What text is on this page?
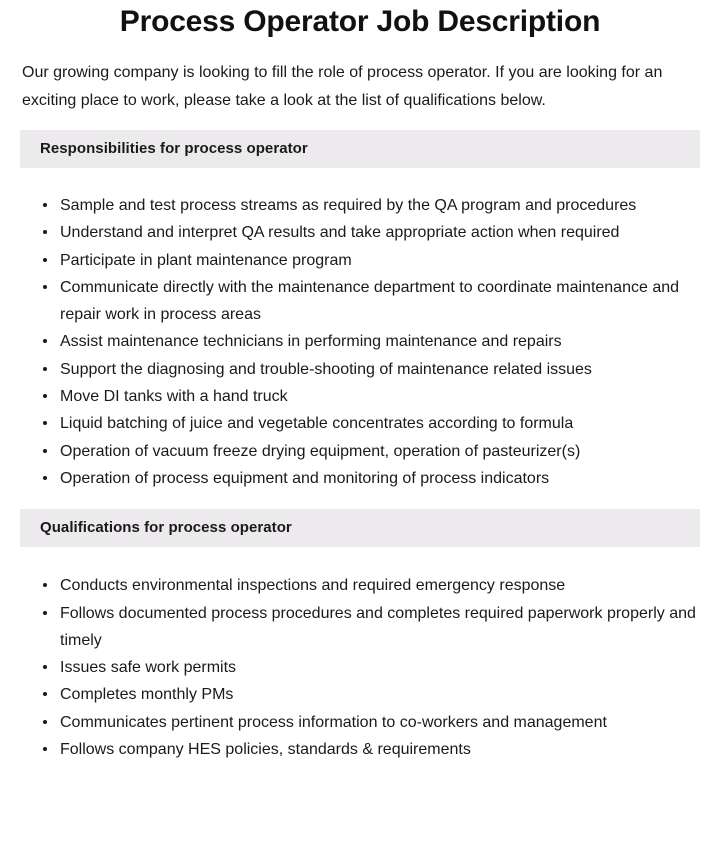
Process Operator Job Description

Our growing company is looking to fill the role of process operator. If you are looking for an exciting place to work, please take a look at the list of qualifications below.

Responsibilities for process operator
Sample and test process streams as required by the QA program and procedures
Understand and interpret QA results and take appropriate action when required
Participate in plant maintenance program
Communicate directly with the maintenance department to coordinate maintenance and repair work in process areas
Assist maintenance technicians in performing maintenance and repairs
Support the diagnosing and trouble-shooting of maintenance related issues
Move DI tanks with a hand truck
Liquid batching of juice and vegetable concentrates according to formula
Operation of vacuum freeze drying equipment, operation of pasteurizer(s)
Operation of process equipment and monitoring of process indicators
Qualifications for process operator
Conducts environmental inspections and required emergency response
Follows documented process procedures and completes required paperwork properly and timely
Issues safe work permits
Completes monthly PMs
Communicates pertinent process information to co-workers and management
Follows company HES policies, standards & requirements
